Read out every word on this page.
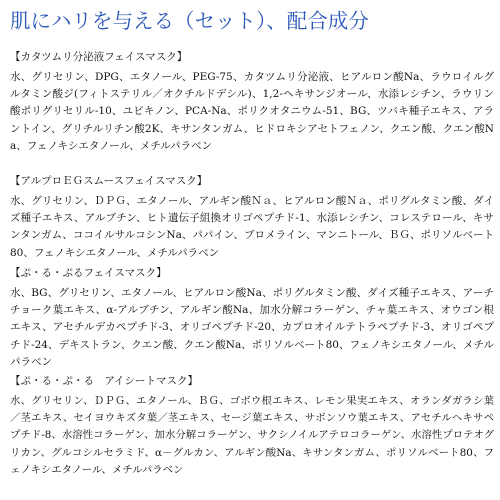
肌にハリを与える（セット）、配合成分
【カタツムリ分泌液フェイスマスク】
水、グリセリン、DPG、エタノール、PEG-75、カタツムリ分泌液、ヒアルロン酸Na、ラウロイルグルタミン酸ジ(フィトステリル／オクチルドデシル)、1,2-ヘキサンジオール、水添レシチン、ラウリン酸ポリグリセリル-10、ユビキノン、PCA-Na、ポリクオタニウム-51、BG、ツバキ種子エキス、アラントイン、グリチルリチン酸2K、キサンタンガム、ヒドロキシアセトフェノン、クエン酸、クエン酸Na、フェノキシエタノール、メチルパラベン
【アルプロＥＧスムースフェイスマスク】
水、グリセリン、ＤＰＧ、エタノール、アルギン酸Ｎａ、ヒアルロン酸Ｎａ、ポリグルタミン酸、ダイズ種子エキス、アルブチン、ヒト遺伝子組換オリゴペプチド-1、水添レシチン、コレステロール、キサンタンガム、ココイルサルコシンNa、パパイン、ブロメライン、マンニトール、ＢＧ、ポリソルベート80、フェノキシエタノール、メチルパラベン
【ぷ・る・ぷるフェイスマスク】
水、BG、グリセリン、エタノール、ヒアルロン酸Na、ポリグルタミン酸、ダイズ種子エキス、アーチチョーク葉エキス、α-アルブチン、アルギン酸Na、加水分解コラーゲン、チャ葉エキス、オウゴン根エキス、アセチルデカペプチド-3、オリゴペプチド-20、カプロオイルテトラペプチド-3、オリゴペプチド-24、デキストラン、クエン酸、クエン酸Na、ポリソルベート80、フェノキシエタノール、メチルパラベン
【ぷ・る・ぷ・る　アイシートマスク】
水、グリセリン、ＤＰＧ、エタノール、ＢＧ、ゴボウ根エキス、レモン果実エキス、オランダガラシ葉／茎エキス、セイヨウキズタ葉／茎エキス、セージ葉エキス、サボンソウ葉エキス、アセチルヘキサペプチド-8、水溶性コラーゲン、加水分解コラーゲン、サクシノイルアテロコラーゲン、水溶性プロテオグリカン、グルコシルセラミド、α－グルカン、アルギン酸Na、キサンタンガム、ポリソルベート80、フェノキシエタノール、メチルパラベン
